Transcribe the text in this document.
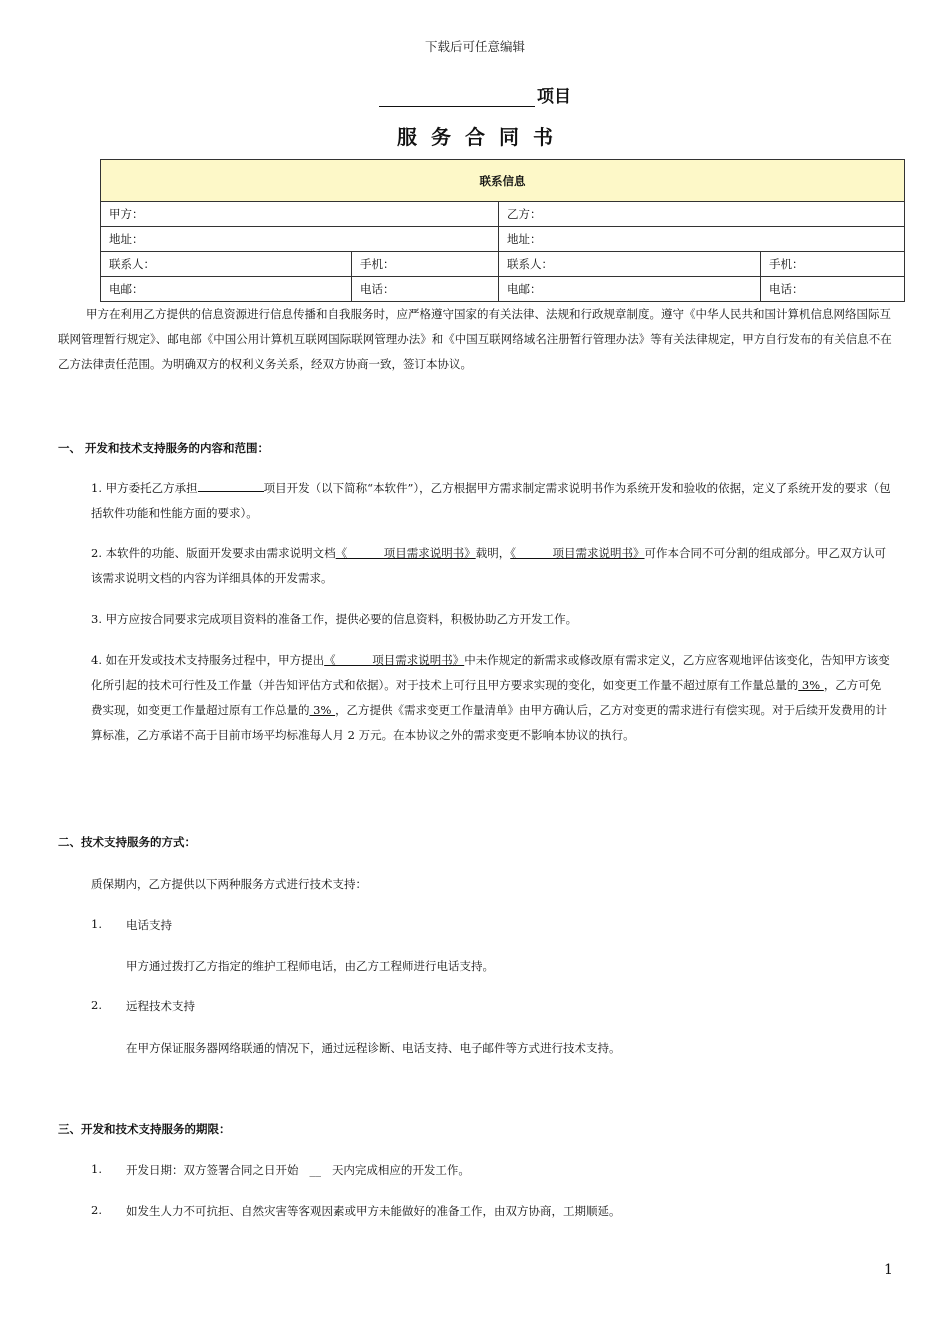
下载后可任意编辑
项目
服务合同书
联系信息			
甲方：		乙方：	
地址：		地址：	
联系人：	手机：	联系人：	手机：
电邮：	电话：	电邮：	电话：
甲方在利用乙方提供的信息资源进行信息传播和自我服务时，应严格遵守国家的有关法律、法规和行政规章制度。遵守《中华人民共和国计算机信息网络国际互联网管理暂行规定》、邮电部《中国公用计算机互联网国际联网管理办法》和《中国互联网络域名注册暂行管理办法》等有关法律规定，甲方自行发布的有关信息不在乙方法律责任范围。为明确双方的权利义务关系，经双方协商一致，签订本协议。
一、 开发和技术支持服务的内容和范围：
1. 甲方委托乙方承担	项目开发（以下简称“本软件”），乙方根据甲方需求制定需求说明书作为系统开发和验收的依据，定义了系统开发的要求（包括软件功能和性能方面的要求）。
2. 本软件的功能、版面开发要求由需求说明文档《          项目需求说明书》载明，《          项目需求说明书》可作本合同不可分割的组成部分。甲乙双方认可该需求说明文档的内容为详细具体的开发需求。
3. 甲方应按合同要求完成项目资料的准备工作，提供必要的信息资料，积极协助乙方开发工作。
4. 如在开发或技术支持服务过程中，甲方提出《          项目需求说明书》中未作规定的新需求或修改原有需求定义，乙方应客观地评估该变化，告知甲方该变化所引起的技术可行性及工作量（并告知评估方式和依据）。对于技术上可行且甲方要求实现的变化，如变更工作量不超过原有工作量总量的 3% ，乙方可免费实现，如变更工作量超过原有工作总量的 3% ，乙方提供《需求变更工作量清单》由甲方确认后，乙方对变更的需求进行有偿实现。对于后续开发费用的计算标准，乙方承诺不高于目前市场平均标准每人月 2 万元。在本协议之外的需求变更不影响本协议的执行。
二、技术支持服务的方式：
质保期内，乙方提供以下两种服务方式进行技术支持：
1. 电话支持
甲方通过拨打乙方指定的维护工程师电话，由乙方工程师进行电话支持。
2. 远程技术支持
在甲方保证服务器网络联通的情况下，通过远程诊断、电话支持、电子邮件等方式进行技术支持。
三、开发和技术支持服务的期限：
1. 开发日期：双方签署合同之日开始 __ 天内完成相应的开发工作。
2. 如发生人力不可抗拒、自然灾害等客观因素或甲方未能做好的准备工作，由双方协商，工期顺延。
1
